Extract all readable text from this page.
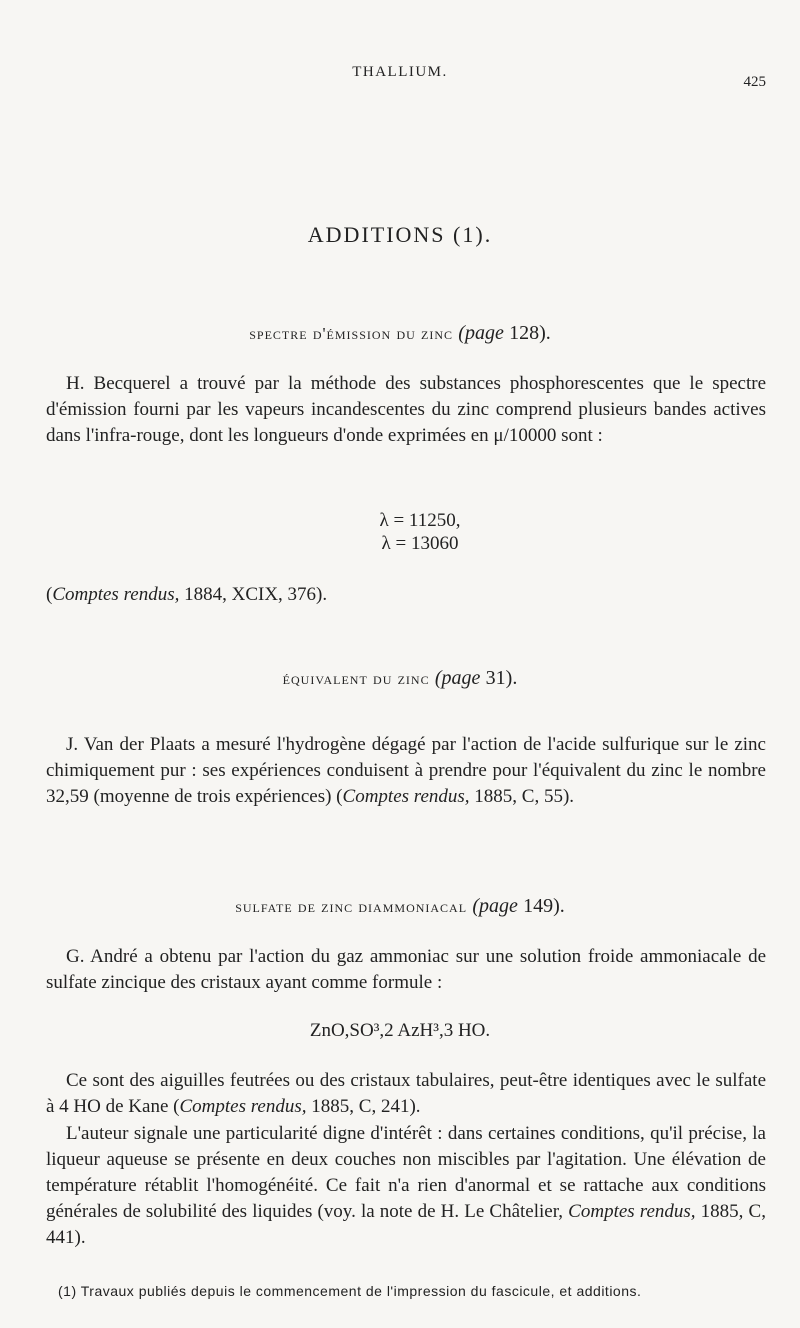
THALLIUM.
425
ADDITIONS (1).
spectre d'émission du zinc (page 128).
H. Becquerel a trouvé par la méthode des substances phosphorescentes que le spectre d'émission fourni par les vapeurs incandescentes du zinc comprend plusieurs bandes actives dans l'infra-rouge, dont les longueurs d'onde exprimées en μ/10000 sont :
λ = 11250,
λ = 13060
(Comptes rendus, 1884, XCIX, 376).
équivalent du zinc (page 31).
J. Van der Plaats a mesuré l'hydrogène dégagé par l'action de l'acide sulfurique sur le zinc chimiquement pur : ses expériences conduisent à prendre pour l'équivalent du zinc le nombre 32,59 (moyenne de trois expériences) (Comptes rendus, 1885, C, 55).
sulfate de zinc diammoniacal (page 149).
G. André a obtenu par l'action du gaz ammoniac sur une solution froide ammoniacale de sulfate zincique des cristaux ayant comme formule :
ZnO,SO³,2 AzH³,3 HO.
Ce sont des aiguilles feutrées ou des cristaux tabulaires, peut-être identiques avec le sulfate à 4 HO de Kane (Comptes rendus, 1885, C, 241).
L'auteur signale une particularité digne d'intérêt : dans certaines conditions, qu'il précise, la liqueur aqueuse se présente en deux couches non miscibles par l'agitation. Une élévation de température rétablit l'homogénéité. Ce fait n'a rien d'anormal et se rattache aux conditions générales de solubilité des liquides (voy. la note de H. Le Châtelier, Comptes rendus, 1885, C, 441).
(1) Travaux publiés depuis le commencement de l'impression du fascicule, et additions.
